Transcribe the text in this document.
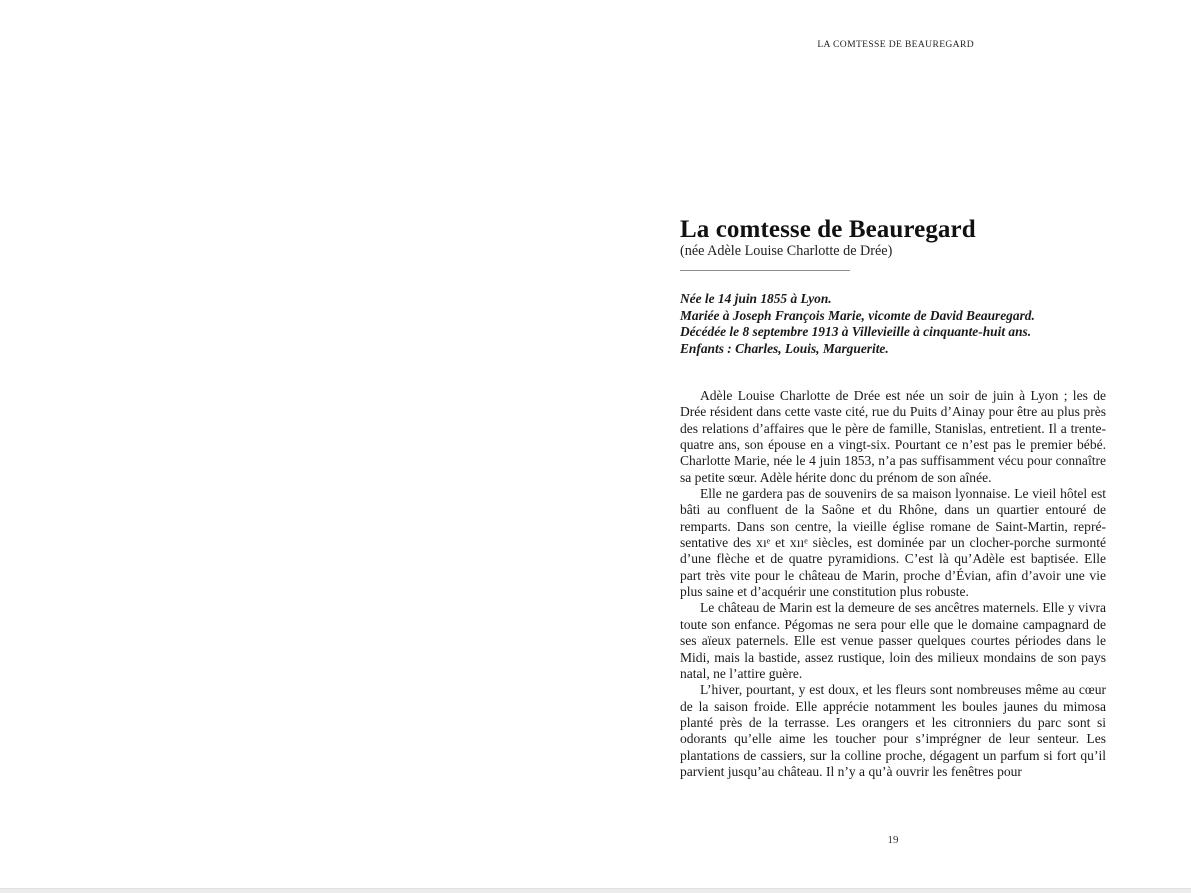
LA COMTESSE DE BEAUREGARD
La comtesse de Beauregard
(née Adèle Louise Charlotte de Drée)
Née le 14 juin 1855 à Lyon.
Mariée à Joseph François Marie, vicomte de David Beauregard.
Décédée le 8 septembre 1913 à Villevieille à cinquante-huit ans.
Enfants : Charles, Louis, Marguerite.

Adèle Louise Charlotte de Drée est née un soir de juin à Lyon ; les de Drée résident dans cette vaste cité, rue du Puits d’Ainay pour être au plus près des relations d’affaires que le père de famille, Stanislas, entretient. Il a trente-quatre ans, son épouse en a vingt-six. Pourtant ce n’est pas le premier bébé. Charlotte Marie, née le 4 juin 1853, n’a pas suffisamment vécu pour connaître sa petite sœur. Adèle hérite donc du prénom de son aînée.

Elle ne gardera pas de souvenirs de sa maison lyonnaise. Le vieil hôtel est bâti au confluent de la Saône et du Rhône, dans un quartier entouré de remparts. Dans son centre, la vieille église romane de Saint-Martin, représentative des xıᵉ et xııᵉ siècles, est dominée par un clocher-porche surmonté d’une flèche et de quatre pyramidions. C’est là qu’Adèle est baptisée. Elle part très vite pour le château de Marin, proche d’Évian, afin d’avoir une vie plus saine et d’acquérir une constitution plus robuste.

Le château de Marin est la demeure de ses ancêtres maternels. Elle y vivra toute son enfance. Pégomas ne sera pour elle que le domaine campagnard de ses aïeux paternels. Elle est venue passer quelques courtes périodes dans le Midi, mais la bastide, assez rustique, loin des milieux mondains de son pays natal, ne l’attire guère.

L’hiver, pourtant, y est doux, et les fleurs sont nombreuses même au cœur de la saison froide. Elle apprécie notamment les boules jaunes du mimosa planté près de la terrasse. Les orangers et les citronniers du parc sont si odorants qu’elle aime les toucher pour s’imprégner de leur senteur. Les plantations de cassiers, sur la colline proche, dégagent un parfum si fort qu’il parvient jusqu’au château. Il n’y a qu’à ouvrir les fenêtres pour

19
